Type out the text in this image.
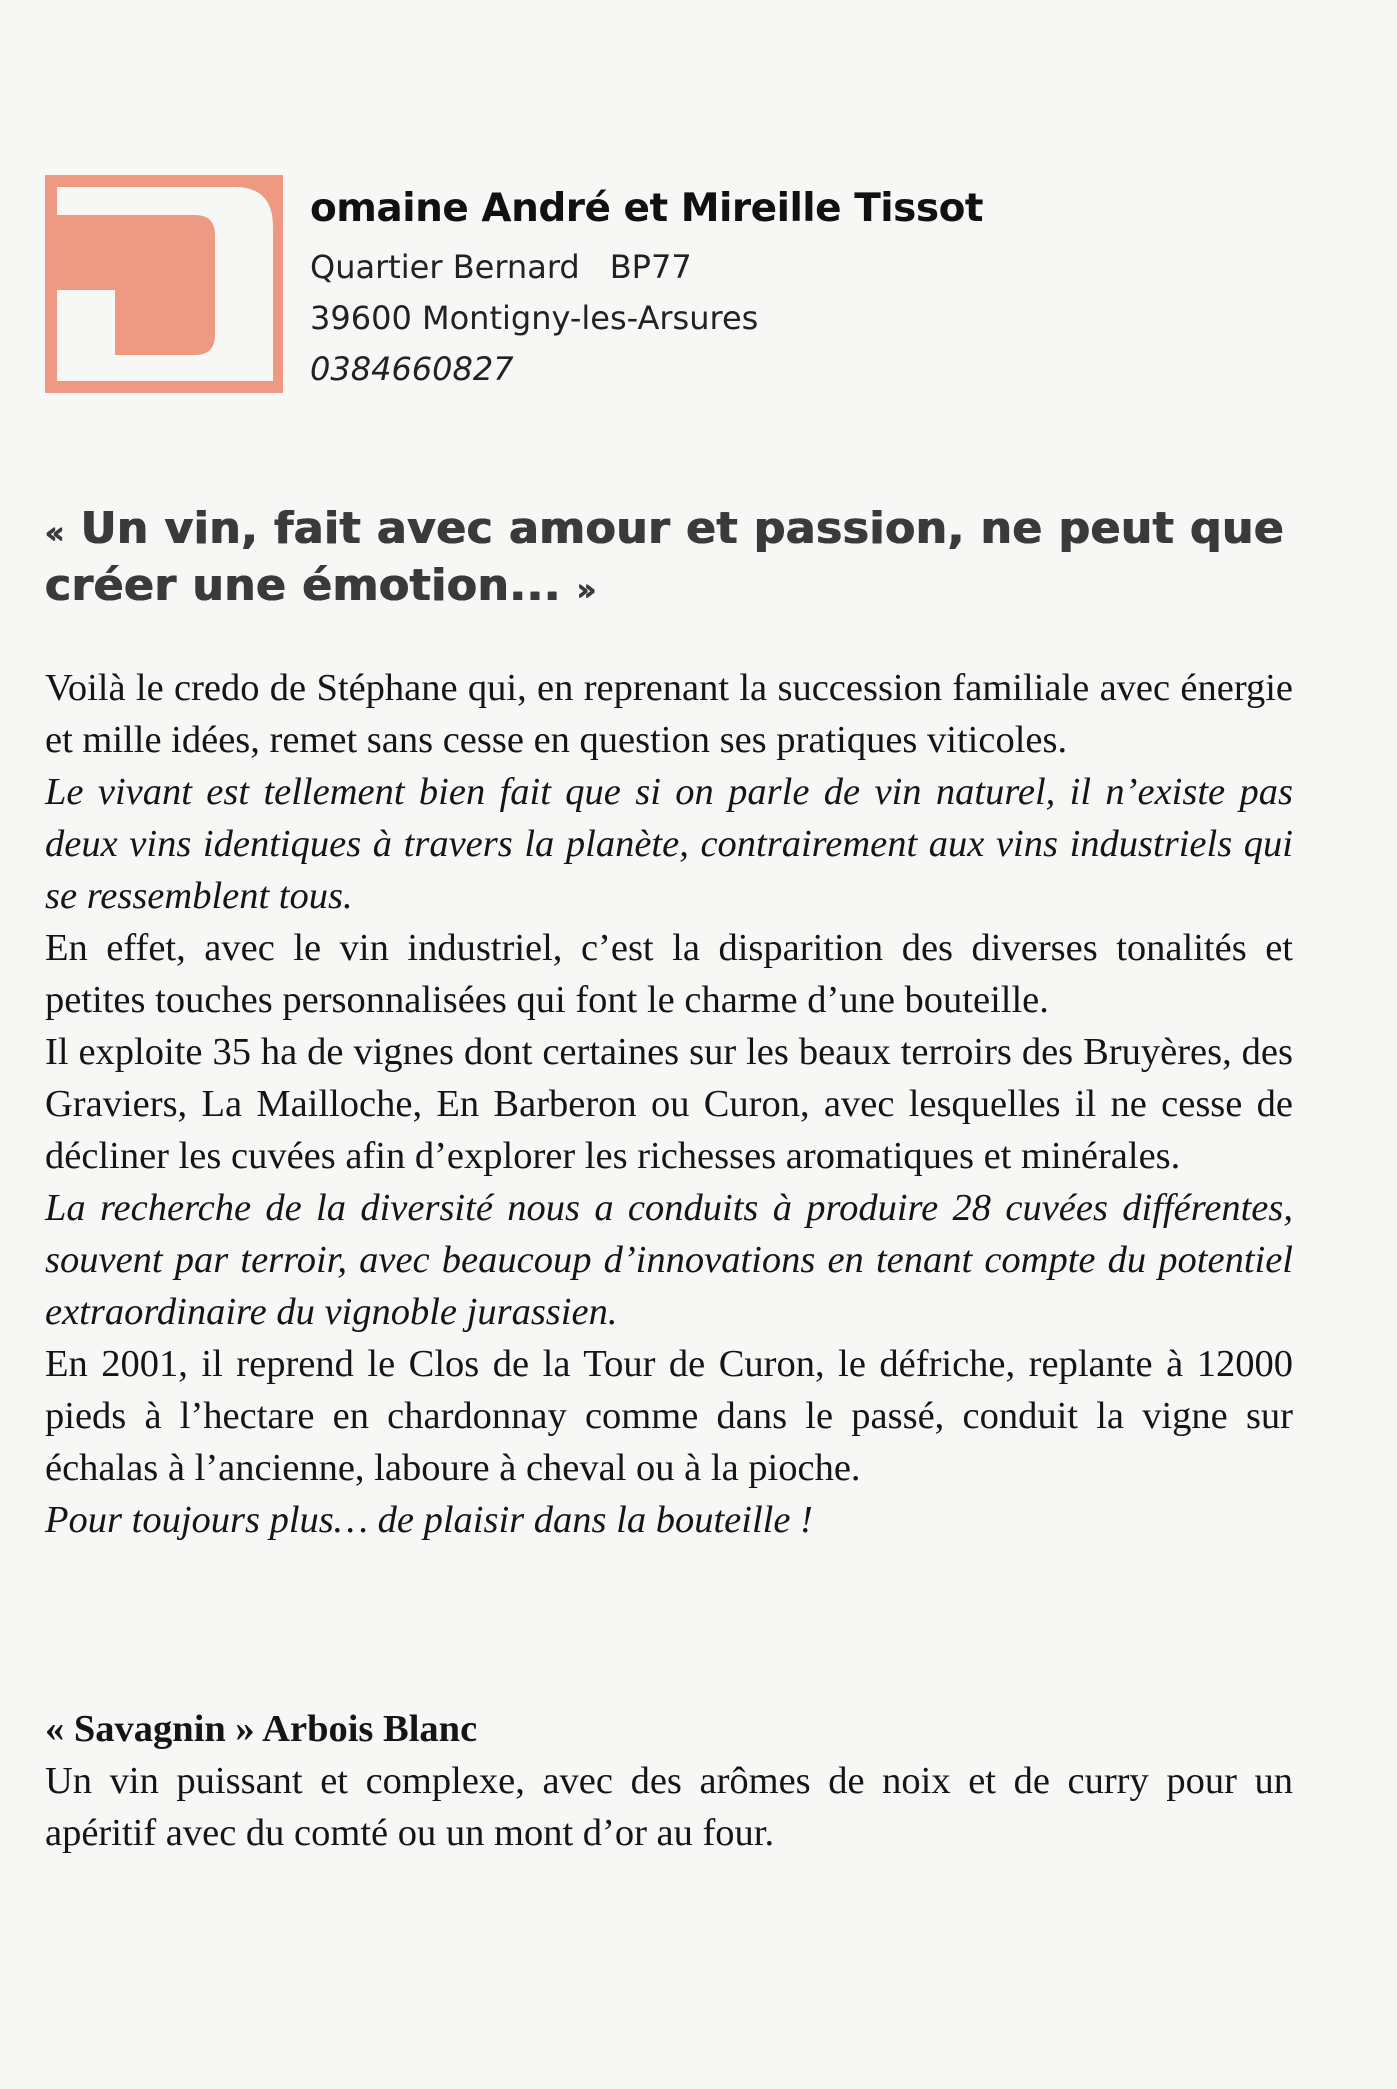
omaine André et Mireille Tissot
Quartier Bernard BP77
39600 Montigny-les-Arsures
0384660827
« Un vin, fait avec amour et passion, ne peut que créer une émotion... »

Voilà le credo de Stéphane qui, en reprenant la succession familiale avec énergie et mille idées, remet sans cesse en question ses pratiques viticoles.

Le vivant est tellement bien fait que si on parle de vin naturel, il n’existe pas deux vins identiques à travers la planète, contrairement aux vins industriels qui se ressemblent tous.

En effet, avec le vin industriel, c’est la disparition des diverses tonalités et petites touches personnalisées qui font le charme d’une bouteille.

Il exploite 35 ha de vignes dont certaines sur les beaux terroirs des Bruyères, des Graviers, La Mailloche, En Barberon ou Curon, avec lesquelles il ne cesse de décliner les cuvées afin d’explorer les richesses aromatiques et minérales.

La recherche de la diversité nous a conduits à produire 28 cuvées différentes, souvent par terroir, avec beaucoup d’innovations en tenant compte du potentiel extraordinaire du vignoble jurassien.

En 2001, il reprend le Clos de la Tour de Curon, le défriche, replante à 12000 pieds à l’hectare en chardonnay comme dans le passé, conduit la vigne sur échalas à l’ancienne, laboure à cheval ou à la pioche.

Pour toujours plus… de plaisir dans la bouteille !

« Savagnin » Arbois Blanc

Un vin puissant et complexe, avec des arômes de noix et de curry pour un apéritif avec du comté ou un mont d’or au four.
